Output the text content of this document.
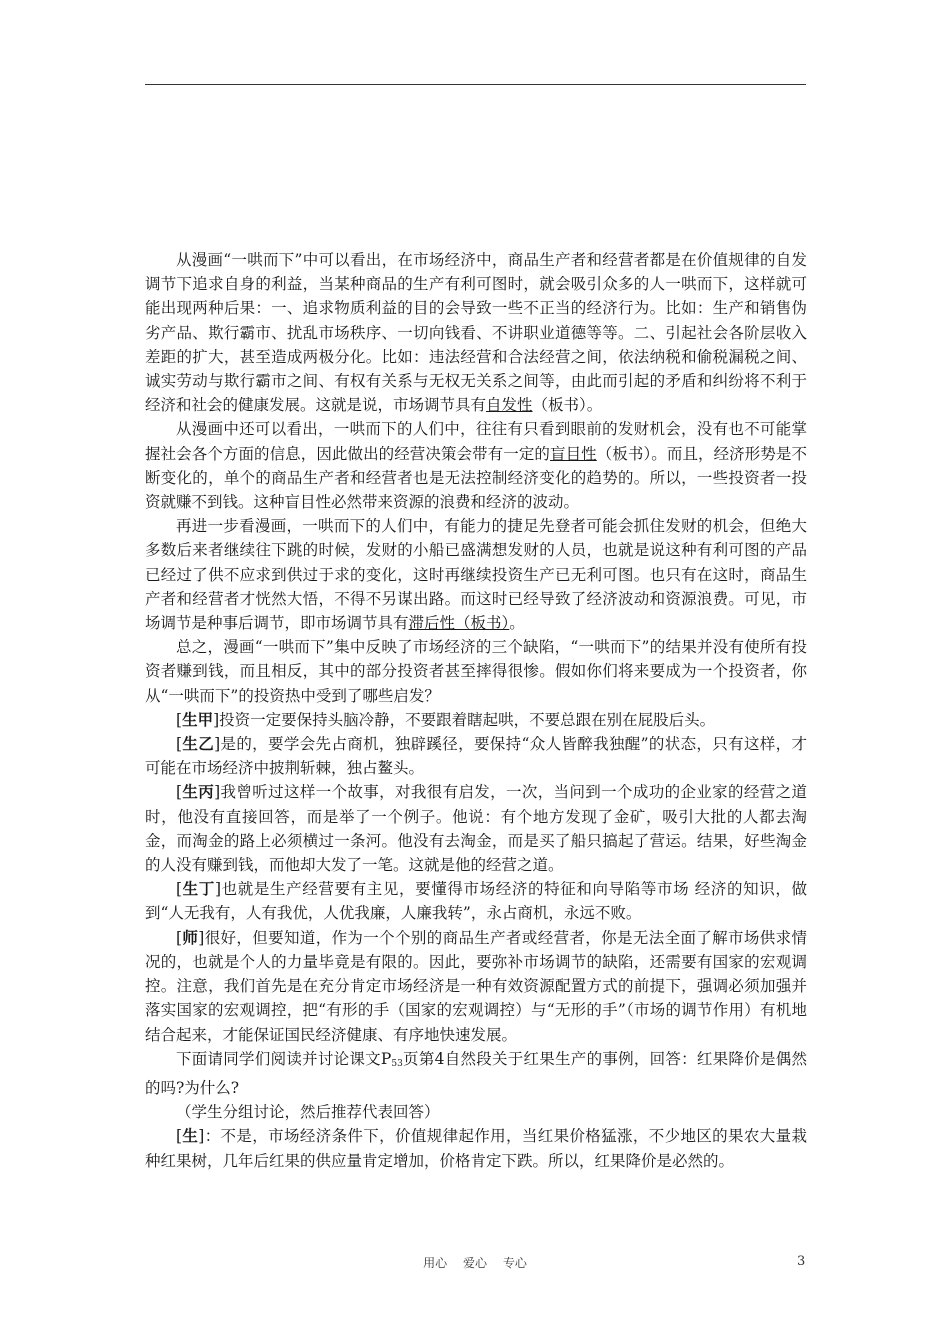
从漫画“一哄而下”中可以看出，在市场经济中，商品生产者和经营者都是在价值规律的自发调节下追求自身的利益，当某种商品的生产有利可图时，就会吸引众多的人一哄而下，这样就可能出现两种后果：一、追求物质利益的目的会导致一些不正当的经济行为。比如：生产和销售伪劣产品、欺行霸市、扰乱市场秩序、一切向钱看、不讲职业道德等等。二、引起社会各阶层收入差距的扩大，甚至造成两极分化。比如：违法经营和合法经营之间，依法纳税和偷税漏税之间、诚实劳动与欺行霸市之间、有权有关系与无权无关系之间等，由此而引起的矛盾和纠纷将不利于经济和社会的健康发展。这就是说，市场调节具有自发性（板书）。

从漫画中还可以看出，一哄而下的人们中，往往有只看到眼前的发财机会，没有也不可能掌握社会各个方面的信息，因此做出的经营决策会带有一定的盲目性（板书）。而且，经济形势是不断变化的，单个的商品生产者和经营者也是无法控制经济变化的趋势的。所以，一些投资者一投资就赚不到钱。这种盲目性必然带来资源的浪费和经济的波动。

再进一步看漫画，一哄而下的人们中，有能力的捷足先登者可能会抓住发财的机会，但绝大多数后来者继续往下跳的时候，发财的小船已盛满想发财的人员，也就是说这种有利可图的产品已经过了供不应求到供过于求的变化，这时再继续投资生产已无利可图。也只有在这时，商品生产者和经营者才恍然大悟，不得不另谋出路。而这时已经导致了经济波动和资源浪费。可见，市场调节是种事后调节，即市场调节具有滞后性（板书）。

总之，漫画“一哄而下”集中反映了市场经济的三个缺陷，“一哄而下”的结果并没有使所有投资者赚到钱，而且相反，其中的部分投资者甚至摔得很惨。假如你们将来要成为一个投资者，你从“一哄而下”的投资热中受到了哪些启发？

[生甲]投资一定要保持头脑冷静，不要跟着瞎起哄，不要总跟在别在屁股后头。

[生乙]是的，要学会先占商机，独辟蹊径，要保持“众人皆醉我独醒”的状态，只有这样，才可能在市场经济中披荆斩棘，独占鳌头。

[生丙]我曾听过这样一个故事，对我很有启发，一次，当问到一个成功的企业家的经营之道时，他没有直接回答，而是举了一个例子。他说：有个地方发现了金矿，吸引大批的人都去淘金，而淘金的路上必须横过一条河。他没有去淘金，而是买了船只搞起了营运。结果，好些淘金的人没有赚到钱，而他却大发了一笔。这就是他的经营之道。

[生丁]也就是生产经营要有主见，要懂得市场经济的特征和向导陷等市场 经济的知识，做到“人无我有，人有我优，人优我廉，人廉我转”，永占商机，永远不败。

[师]很好，但要知道，作为一个个别的商品生产者或经营者，你是无法全面了解市场供求情况的，也就是个人的力量毕竟是有限的。因此，要弥补市场调节的缺陷，还需要有国家的宏观调控。注意，我们首先是在充分肯定市场经济是一种有效资源配置方式的前提下，强调必须加强并落实国家的宏观调控，把“有形的手（国家的宏观调控）与“无形的手”（市场的调节作用）有机地结合起来，才能保证国民经济健康、有序地快速发展。

下面请同学们阅读并讨论课文$P_{53}$页第4自然段关于红果生产的事例，回答：红果降价是偶然的吗?为什么?

（学生分组讨论，然后推荐代表回答）

[生]：不是，市场经济条件下，价值规律起作用，当红果价格猛涨，不少地区的果农大量栽种红果树，几年后红果的供应量肯定增加，价格肯定下跌。所以，红果降价是必然的。

用心 爱心 专心	3
